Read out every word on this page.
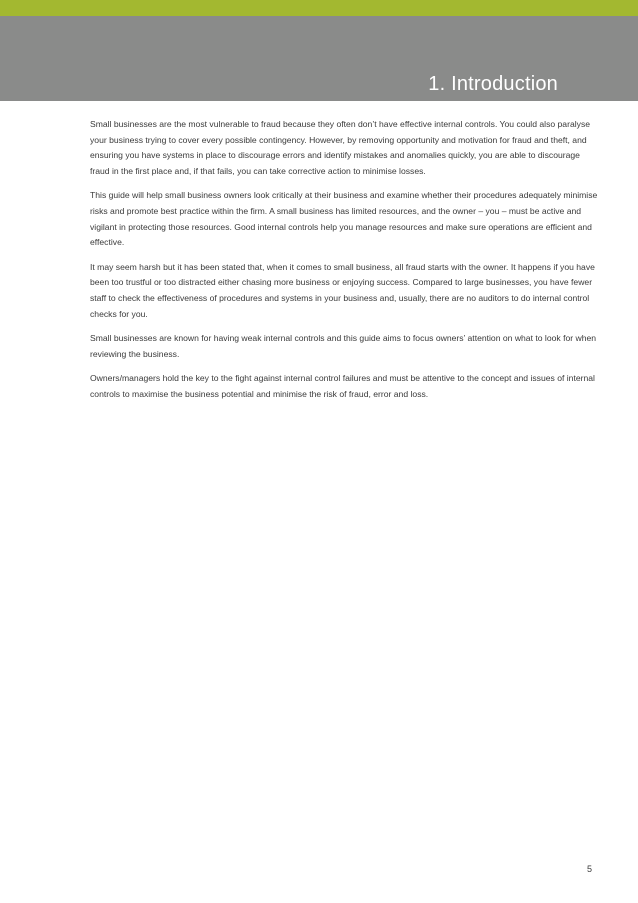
1. Introduction

Small businesses are the most vulnerable to fraud because they often don’t have effective internal controls. You could also paralyse your business trying to cover every possible contingency. However, by removing opportunity and motivation for fraud and theft, and ensuring you have systems in place to discourage errors and identify mistakes and anomalies quickly, you are able to discourage fraud in the first place and, if that fails, you can take corrective action to minimise losses.

This guide will help small business owners look critically at their business and examine whether their procedures adequately minimise risks and promote best practice within the firm. A small business has limited resources, and the owner – you – must be active and vigilant in protecting those resources. Good internal controls help you manage resources and make sure operations are efficient and effective.

It may seem harsh but it has been stated that, when it comes to small business, all fraud starts with the owner. It happens if you have been too trustful or too distracted either chasing more business or enjoying success. Compared to large businesses, you have fewer staff to check the effectiveness of procedures and systems in your business and, usually, there are no auditors to do internal control checks for you.

Small businesses are known for having weak internal controls and this guide aims to focus owners’ attention on what to look for when reviewing the business.

Owners/managers hold the key to the fight against internal control failures and must be attentive to the concept and issues of internal controls to maximise the business potential and minimise the risk of fraud, error and loss.

5
